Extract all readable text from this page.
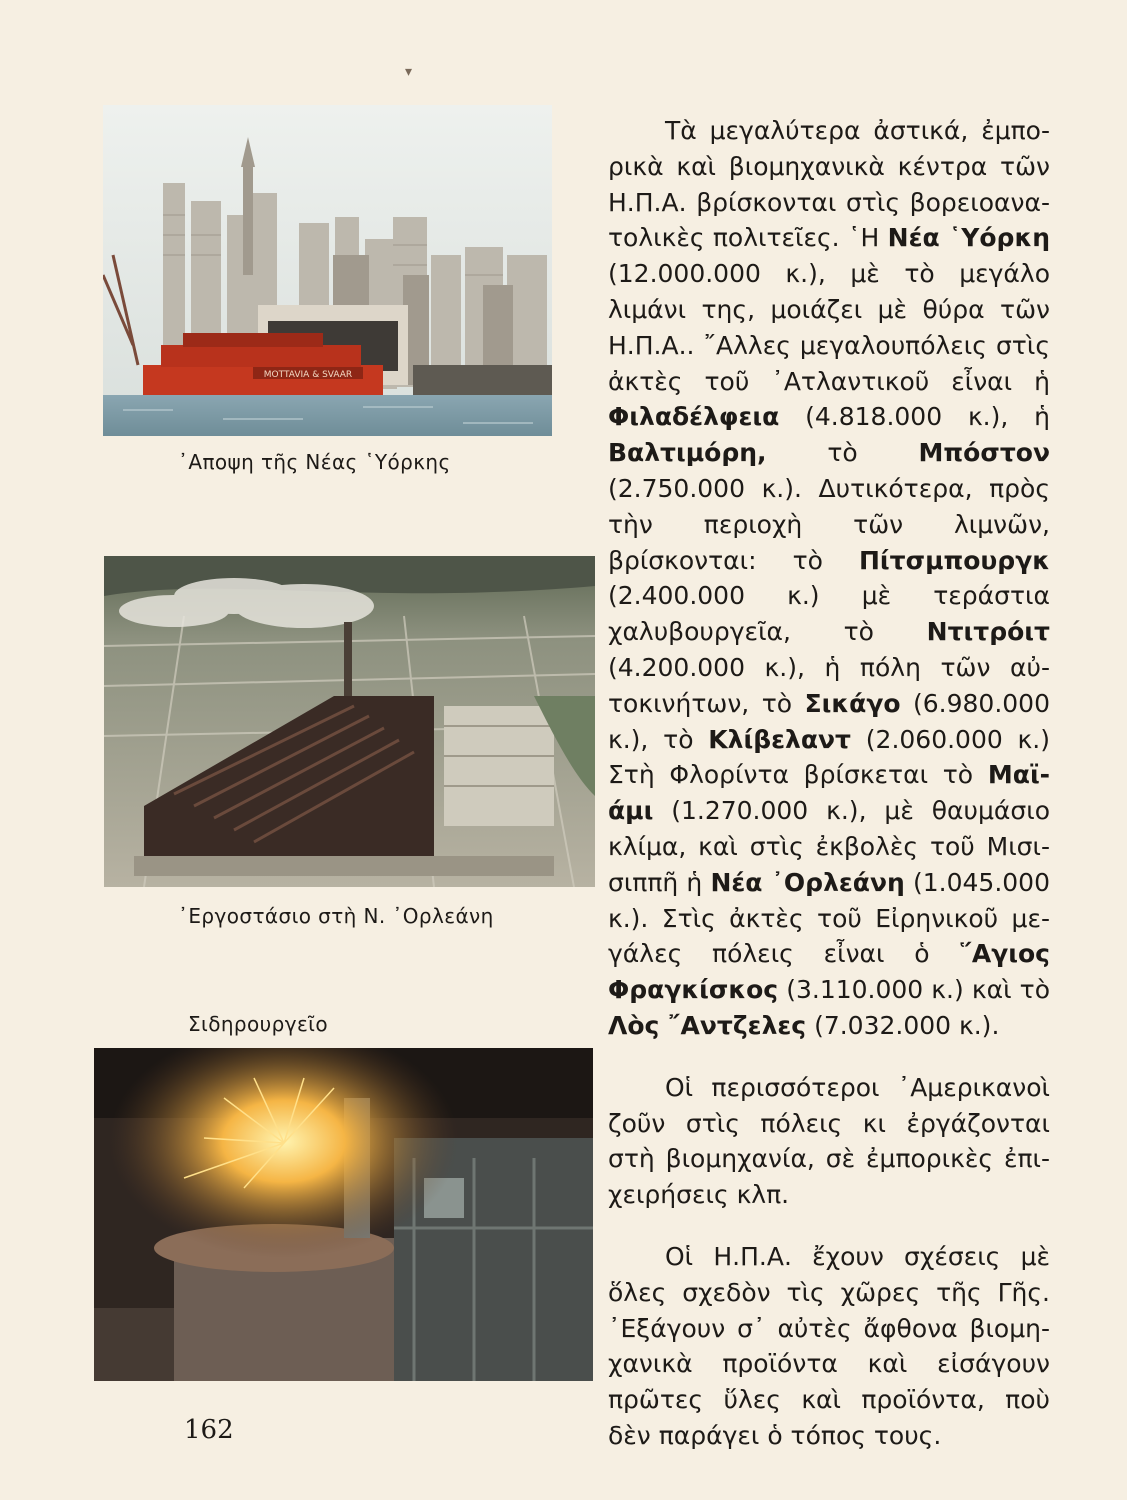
MOTTAVIA & SVAAR
᾽Αποψη τῆς Νέας ῾Υόρκης
᾽Εργοστάσιο στὴ Ν. ᾽Ορλεάνη
Σιδηρουργεῖο
▾

Τὰ μεγαλύτερα ἀστικά, ἐμπορικὰ καὶ βιομηχανικὰ κέντρα τῶν Η.Π.Α. βρίσκονται στὶς βορειοανατολικὲς πολιτεῖες. ῾Η Νέα ῾Υόρκη (12.000.000 κ.), μὲ τὸ μεγάλο λιμάνι της, μοιάζει μὲ θύρα τῶν Η.Π.Α.. ῎Αλλες μεγαλουπόλεις στὶς ἀκτὲς τοῦ ᾽Ατλαντικοῦ εἶναι ἡ Φιλαδέλφεια (4.818.000 κ.), ἡ Βαλτιμόρη, τὸ Μπόστον (2.750.000 κ.). Δυτικότερα, πρὸς τὴν περιοχὴ τῶν λιμνῶν, βρίσκονται: τὸ Πίτσμπουργκ (2.400.000 κ.) μὲ τεράστια χαλυβουργεῖα, τὸ Ντιτρόιτ (4.200.000 κ.), ἡ πόλη τῶν αὐτοκινήτων, τὸ Σικάγο (6.980.000 κ.), τὸ Κλίβελαντ (2.060.000 κ.) Στὴ Φλορίντα βρίσκεται τὸ Μαϊάμι (1.270.000 κ.), μὲ θαυμάσιο κλίμα, καὶ στὶς ἐκβολὲς τοῦ Μισισιππῆ ἡ Νέα ᾽Ορλεάνη (1.045.000 κ.). Στὶς ἀκτὲς τοῦ Εἰρηνικοῦ μεγάλες πόλεις εἶναι ὁ ῞Αγιος Φραγκίσκος (3.110.000 κ.) καὶ τὸ Λὸς ῎Αντζελες (7.032.000 κ.).

Οἱ περισσότεροι ᾽Αμερικανοὶ ζοῦν στὶς πόλεις κι ἐργάζονται στὴ βιομηχανία, σὲ ἐμπορικὲς ἐπιχειρήσεις κλπ.

Οἱ Η.Π.Α. ἔχουν σχέσεις μὲ ὅλες σχεδὸν τὶς χῶρες τῆς Γῆς. ᾽Εξάγουν σ᾽ αὐτὲς ἄφθονα βιομηχανικὰ προϊόντα καὶ εἰσάγουν πρῶτες ὕλες καὶ προϊόντα, ποὺ δὲν παράγει ὁ τόπος τους.

162
